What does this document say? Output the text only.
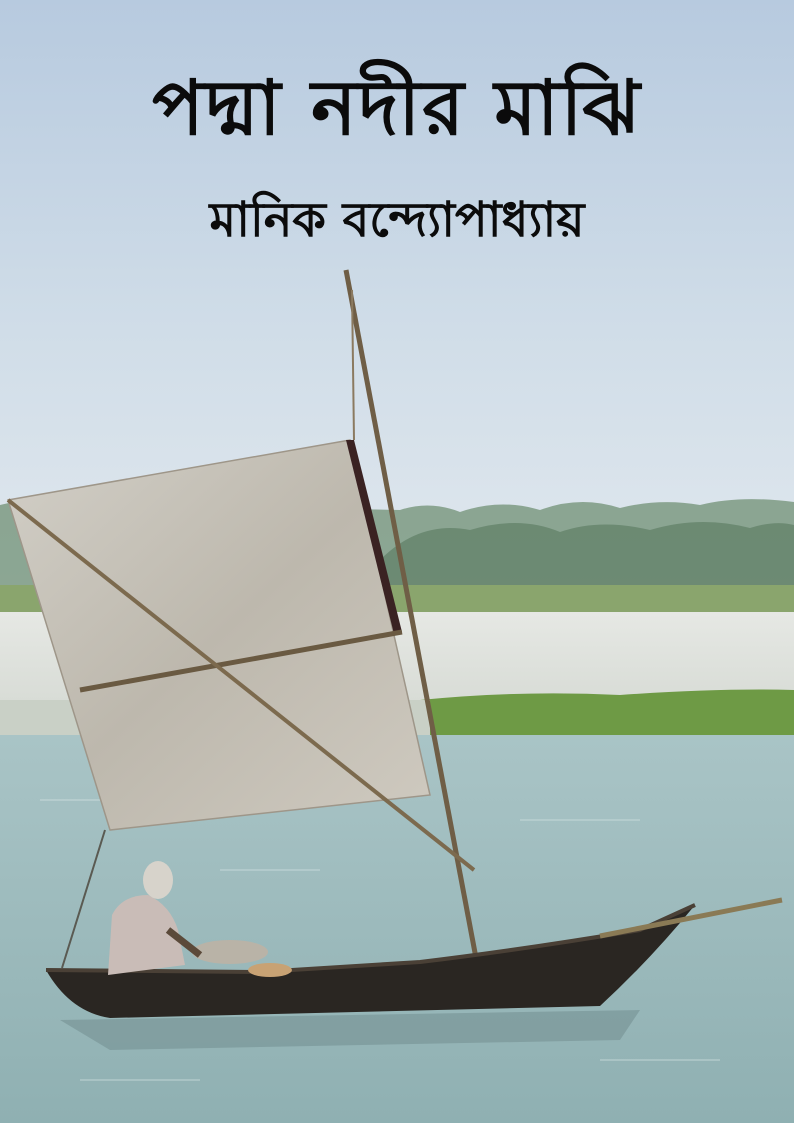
পদ্মা নদীর মাঝি
মানিক বন্দ্যোপাধ্যায়
